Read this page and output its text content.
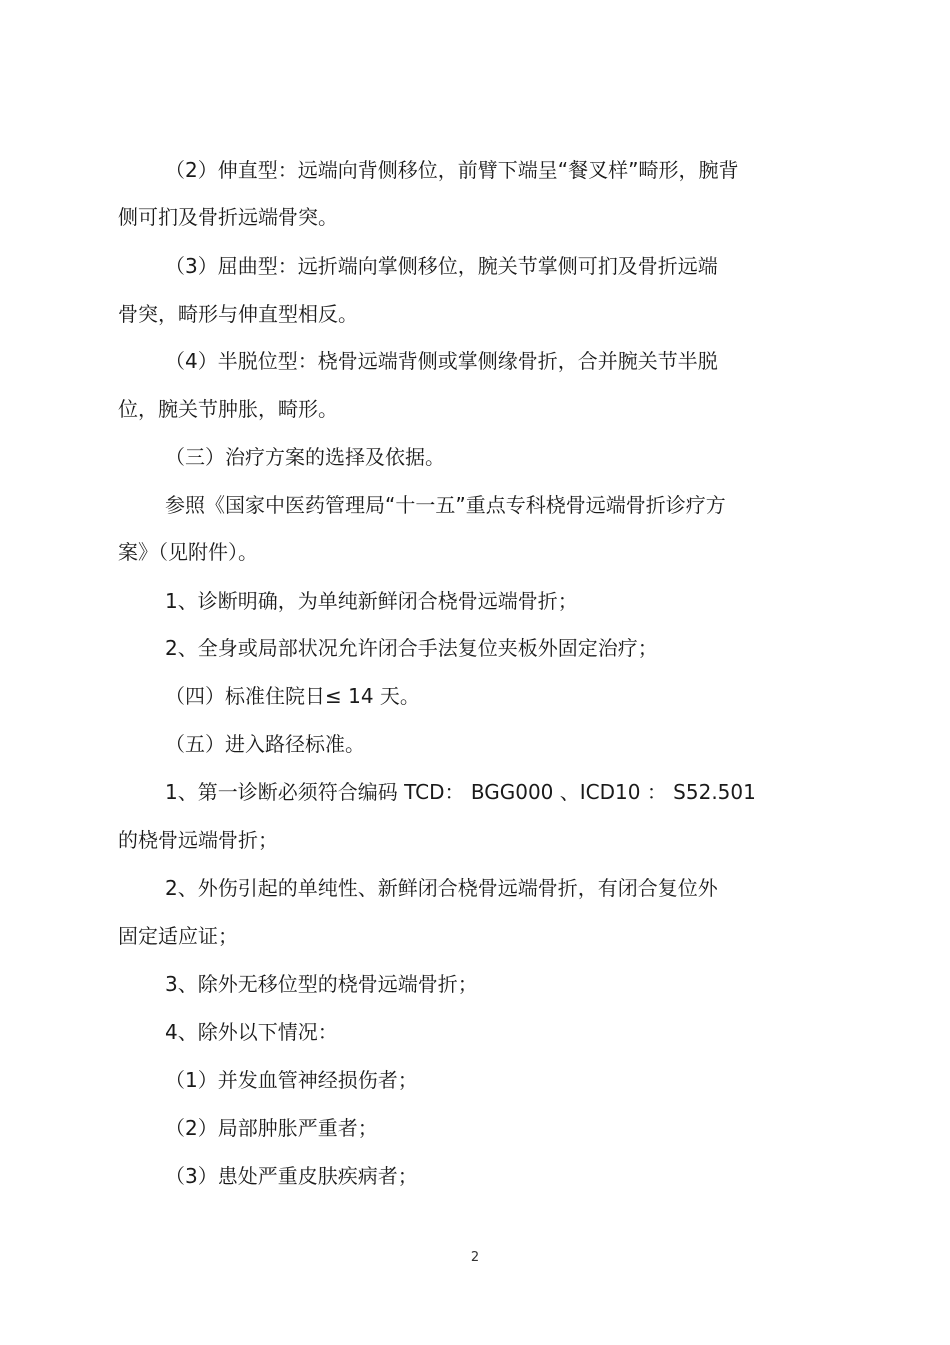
（2）伸直型：远端向背侧移位，前臂下端呈“餐叉样”畸形，腕背
侧可扪及骨折远端骨突。
（3）屈曲型：远折端向掌侧移位，腕关节掌侧可扪及骨折远端
骨突，畸形与伸直型相反。
（4）半脱位型：桡骨远端背侧或掌侧缘骨折，合并腕关节半脱
位，腕关节肿胀，畸形。
（三）治疗方案的选择及依据。
参照《国家中医药管理局“十一五”重点专科桡骨远端骨折诊疗方
案》（见附件）。
1、诊断明确，为单纯新鲜闭合桡骨远端骨折；
2、全身或局部状况允许闭合手法复位夹板外固定治疗；
（四）标准住院日≤ 14 天。
（五）进入路径标准。
1、第一诊断必须符合编码 TCD： BGG000 、ICD10 ： S52.501
的桡骨远端骨折；
2、外伤引起的单纯性、新鲜闭合桡骨远端骨折，有闭合复位外
固定适应证；
3、除外无移位型的桡骨远端骨折；
4、除外以下情况：
（1）并发血管神经损伤者；
（2）局部肿胀严重者；
（3）患处严重皮肤疾病者；
2
